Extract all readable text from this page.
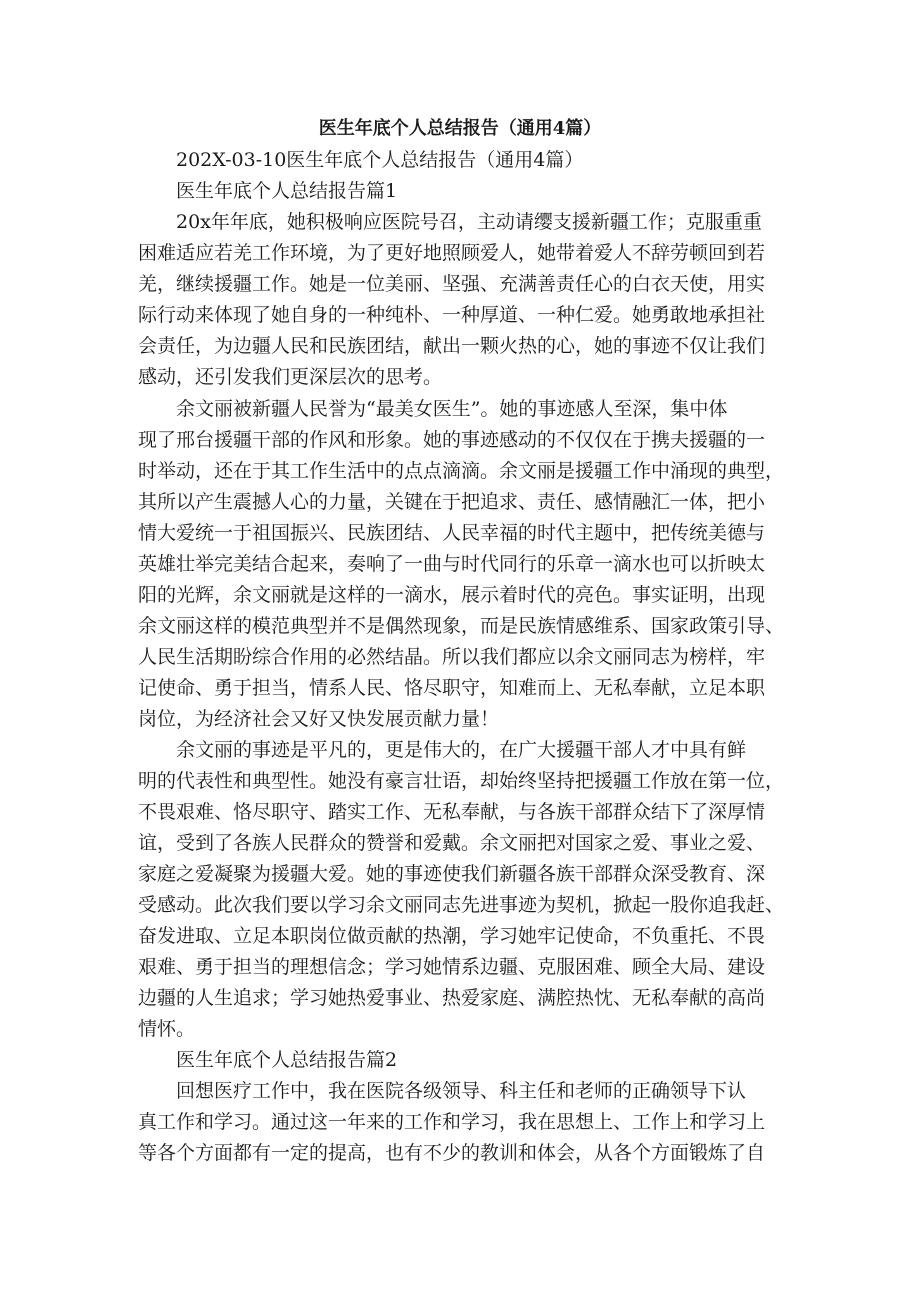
医生年底个人总结报告（通用4篇）
202X-03-10医生年底个人总结报告（通用4篇）
医生年底个人总结报告篇1
20x年年底，她积极响应医院号召，主动请缨支援新疆工作；克服重重
困难适应若羌工作环境，为了更好地照顾爱人，她带着爱人不辞劳顿回到若
羌，继续援疆工作。她是一位美丽、坚强、充满善责任心的白衣天使，用实
际行动来体现了她自身的一种纯朴、一种厚道、一种仁爱。她勇敢地承担社
会责任，为边疆人民和民族团结，献出一颗火热的心，她的事迹不仅让我们
感动，还引发我们更深层次的思考。
余文丽被新疆人民誉为“最美女医生”。她的事迹感人至深，集中体
现了邢台援疆干部的作风和形象。她的事迹感动的不仅仅在于携夫援疆的一
时举动，还在于其工作生活中的点点滴滴。余文丽是援疆工作中涌现的典型，
其所以产生震撼人心的力量，关键在于把追求、责任、感情融汇一体，把小
情大爱统一于祖国振兴、民族团结、人民幸福的时代主题中，把传统美德与
英雄壮举完美结合起来，奏响了一曲与时代同行的乐章一滴水也可以折映太
阳的光辉，余文丽就是这样的一滴水，展示着时代的亮色。事实证明，出现
余文丽这样的模范典型并不是偶然现象，而是民族情感维系、国家政策引导、
人民生活期盼综合作用的必然结晶。所以我们都应以余文丽同志为榜样，牢
记使命、勇于担当，情系人民、恪尽职守，知难而上、无私奉献，立足本职
岗位，为经济社会又好又快发展贡献力量！
余文丽的事迹是平凡的，更是伟大的，在广大援疆干部人才中具有鲜
明的代表性和典型性。她没有豪言壮语，却始终坚持把援疆工作放在第一位，
不畏艰难、恪尽职守、踏实工作、无私奉献，与各族干部群众结下了深厚情
谊，受到了各族人民群众的赞誉和爱戴。余文丽把对国家之爱、事业之爱、
家庭之爱凝聚为援疆大爱。她的事迹使我们新疆各族干部群众深受教育、深
受感动。此次我们要以学习余文丽同志先进事迹为契机，掀起一股你追我赶、
奋发进取、立足本职岗位做贡献的热潮，学习她牢记使命，不负重托、不畏
艰难、勇于担当的理想信念；学习她情系边疆、克服困难、顾全大局、建设
边疆的人生追求；学习她热爱事业、热爱家庭、满腔热忱、无私奉献的高尚
情怀。
医生年底个人总结报告篇2
回想医疗工作中，我在医院各级领导、科主任和老师的正确领导下认
真工作和学习。通过这一年来的工作和学习，我在思想上、工作上和学习上
等各个方面都有一定的提高，也有不少的教训和体会，从各个方面锻炼了自
